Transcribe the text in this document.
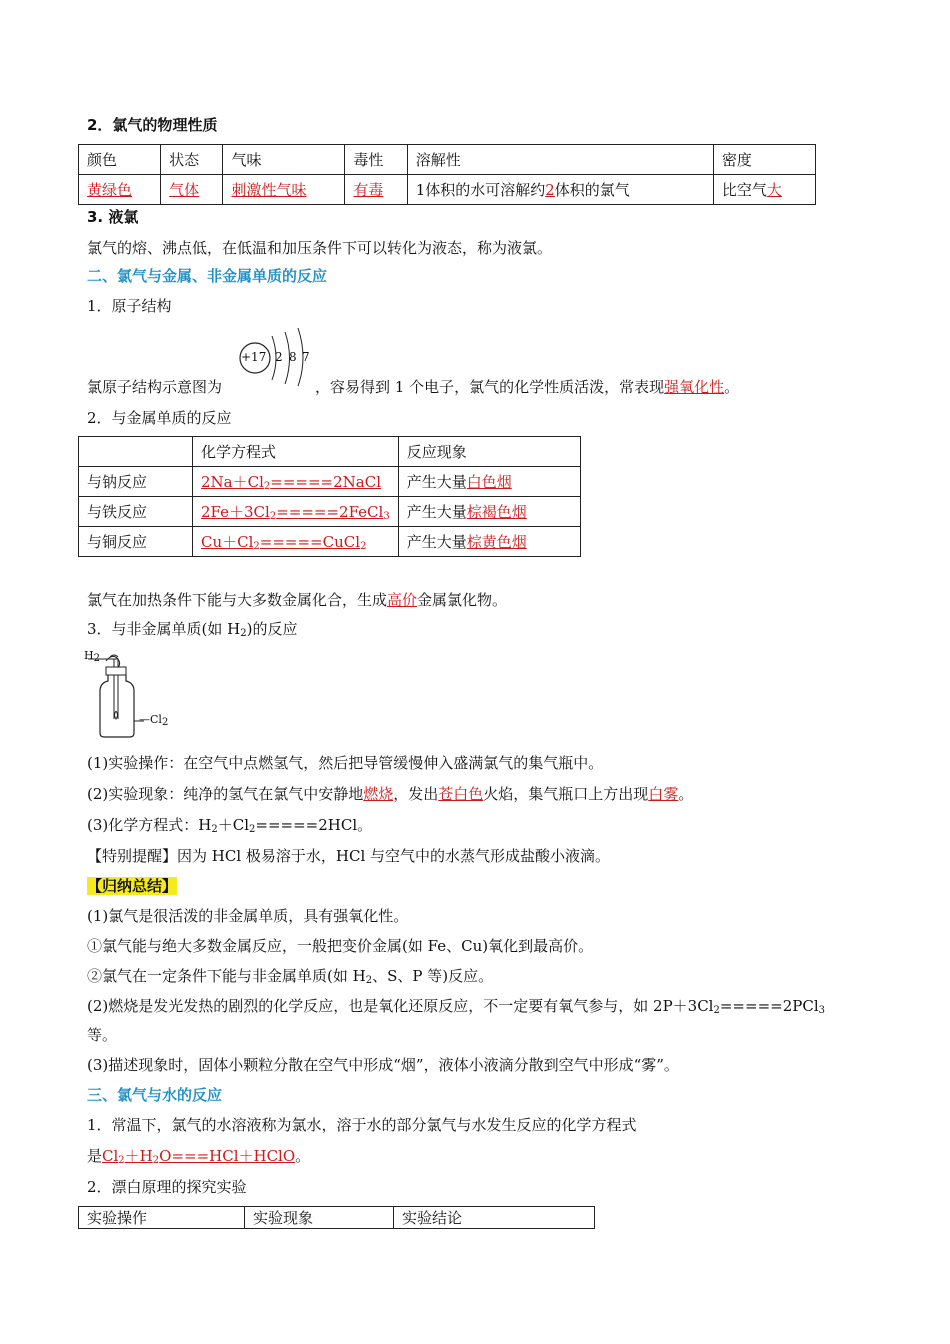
2．氯气的物理性质
颜色	状态	气味	毒性	溶解性	密度
黄绿色	气体	刺激性气味	有毒	1体积的水可溶解约2体积的氯气	比空气大
3. 液氯
氯气的熔、沸点低，在低温和加压条件下可以转化为液态，称为液氯。
二、氯气与金属、非金属单质的反应
1．原子结构
+17 2 8 7
氯原子结构示意图为	，容易得到 1 个电子，氯气的化学性质活泼，常表现强氧化性。
2．与金属单质的反应
	化学方程式	反应现象
与钠反应	$2Na+Cl_2=====2NaCl$	产生大量白色烟
与铁反应	$2Fe+3Cl_2=====2FeCl_3$	产生大量棕褐色烟
与铜反应	$Cu+Cl_2=====CuCl_2$	产生大量棕黄色烟
氯气在加热条件下能与大多数金属化合，生成高价金属氯化物。
3．与非金属单质(如 $H_2$)的反应
$H_2$
$—Cl_2$
(1)实验操作：在空气中点燃氢气，然后把导管缓慢伸入盛满氯气的集气瓶中。
(2)实验现象：纯净的氢气在氯气中安静地燃烧，发出苍白色火焰，集气瓶口上方出现白雾。
(3)化学方程式：$H_2+Cl_2=====2HCl$。
【特别提醒】因为 HCl 极易溶于水，HCl 与空气中的水蒸气形成盐酸小液滴。
【归纳总结】
(1)氯气是很活泼的非金属单质，具有强氧化性。
①氯气能与绝大多数金属反应，一般把变价金属(如 Fe、Cu)氧化到最高价。
②氯气在一定条件下能与非金属单质(如 $H_2$、S、P 等)反应。
(2)燃烧是发光发热的剧烈的化学反应，也是氧化还原反应，不一定要有氧气参与，如 $2P+3Cl_2=====2PCl_3$
等。
(3)描述现象时，固体小颗粒分散在空气中形成“烟”，液体小液滴分散到空气中形成“雾”。
三、氯气与水的反应
1．常温下，氯气的水溶液称为氯水，溶于水的部分氯气与水发生反应的化学方程式
是$Cl_2+H_2O===HCl+HClO$。
2．漂白原理的探究实验
实验操作	实验现象	实验结论
